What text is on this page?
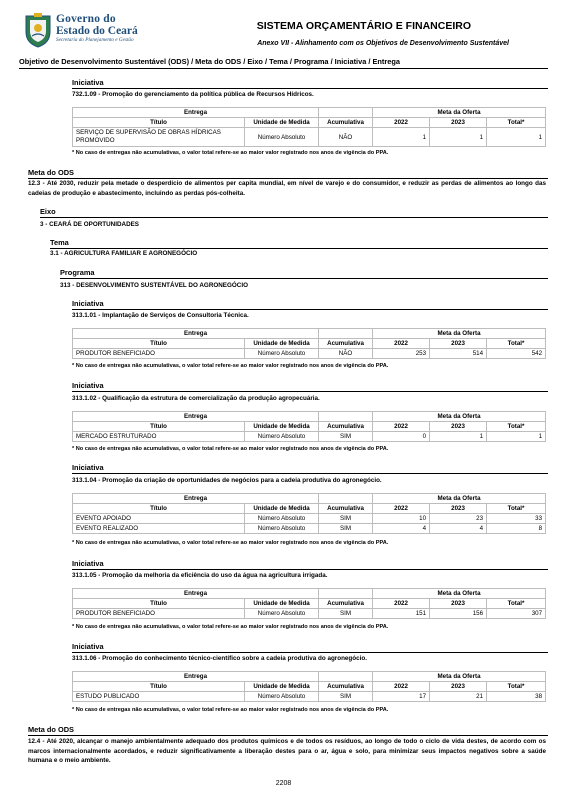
Governo do
Estado do Ceará
Secretaria do Planejamento e Gestão
SISTEMA ORÇAMENTÁRIO E FINANCEIRO
Anexo VII - Alinhamento com os Objetivos de Desenvolvimento Sustentável
Objetivo de Desenvolvimento Sustentável (ODS) / Meta do ODS / Eixo / Tema / Programa / Iniciativa / Entrega
Iniciativa
732.1.09 - Promoção do gerenciamento da política pública de Recursos Hídricos.
Entrega			Meta da Oferta		
Título	Unidade de Medida	Acumulativa	2022	2023	Total*
SERVIÇO DE SUPERVISÃO DE OBRAS HÍDRICAS PROMOVIDO	Número Absoluto	NÃO	1	1	1
* No caso de entregas não acumulativas, o valor total refere-se ao maior valor registrado nos anos de vigência do PPA.
Meta do ODS
12.3 - Até 2030, reduzir pela metade o desperdício de alimentos per capita mundial, em nível de varejo e do consumidor, e reduzir as perdas de alimentos ao longo das cadeias de produção e abastecimento, incluindo as perdas pós-colheita.
Eixo
3 - CEARÁ DE OPORTUNIDADES
Tema
3.1 - AGRICULTURA FAMILIAR E AGRONEGÓCIO
Programa
313 - DESENVOLVIMENTO SUSTENTÁVEL DO AGRONEGÓCIO
Iniciativa
313.1.01 - Implantação de Serviços de Consultoria Técnica.
Entrega			Meta da Oferta		
Título	Unidade de Medida	Acumulativa	2022	2023	Total*
PRODUTOR BENEFICIADO	Número Absoluto	NÃO	253	514	542
* No caso de entregas não acumulativas, o valor total refere-se ao maior valor registrado nos anos de vigência do PPA.
Iniciativa
313.1.02 - Qualificação da estrutura de comercialização da produção agropecuária.
Entrega			Meta da Oferta		
Título	Unidade de Medida	Acumulativa	2022	2023	Total*
MERCADO ESTRUTURADO	Número Absoluto	SIM	0	1	1
* No caso de entregas não acumulativas, o valor total refere-se ao maior valor registrado nos anos de vigência do PPA.
Iniciativa
313.1.04 - Promoção da criação de oportunidades de negócios para a cadeia produtiva do agronegócio.
Entrega			Meta da Oferta		
Título	Unidade de Medida	Acumulativa	2022	2023	Total*
EVENTO APOIADO	Número Absoluto	SIM	10	23	33
EVENTO REALIZADO	Número Absoluto	SIM	4	4	8
* No caso de entregas não acumulativas, o valor total refere-se ao maior valor registrado nos anos de vigência do PPA.
Iniciativa
313.1.05 - Promoção da melhoria da eficiência do uso da água na agricultura irrigada.
Entrega			Meta da Oferta		
Título	Unidade de Medida	Acumulativa	2022	2023	Total*
PRODUTOR BENEFICIADO	Número Absoluto	SIM	151	156	307
* No caso de entregas não acumulativas, o valor total refere-se ao maior valor registrado nos anos de vigência do PPA.
Iniciativa
313.1.06 - Promoção do conhecimento técnico-científico sobre a cadeia produtiva do agronegócio.
Entrega			Meta da Oferta		
Título	Unidade de Medida	Acumulativa	2022	2023	Total*
ESTUDO PUBLICADO	Número Absoluto	SIM	17	21	38
* No caso de entregas não acumulativas, o valor total refere-se ao maior valor registrado nos anos de vigência do PPA.
Meta do ODS
12.4 - Até 2020, alcançar o manejo ambientalmente adequado dos produtos químicos e de todos os resíduos, ao longo de todo o ciclo de vida destes, de acordo com os marcos internacionalmente acordados, e reduzir significativamente a liberação destes para o ar, água e solo, para minimizar seus impactos negativos sobre a saúde humana e o meio ambiente.
2208
